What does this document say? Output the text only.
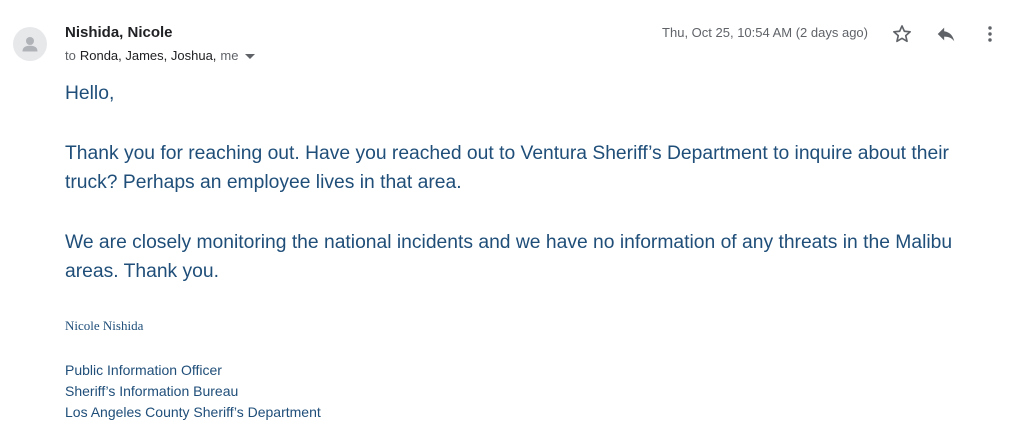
Nishida, Nicole
to Ronda, James, Joshua, me
Thu, Oct 25, 10:54 AM (2 days ago)
Hello,
Thank you for reaching out. Have you reached out to Ventura Sheriff’s Department to inquire about their truck? Perhaps an employee lives in that area.
We are closely monitoring the national incidents and we have no information of any threats in the Malibu areas. Thank you.
Nicole Nishida
Public Information Officer
Sheriff’s Information Bureau
Los Angeles County Sheriff’s Department
